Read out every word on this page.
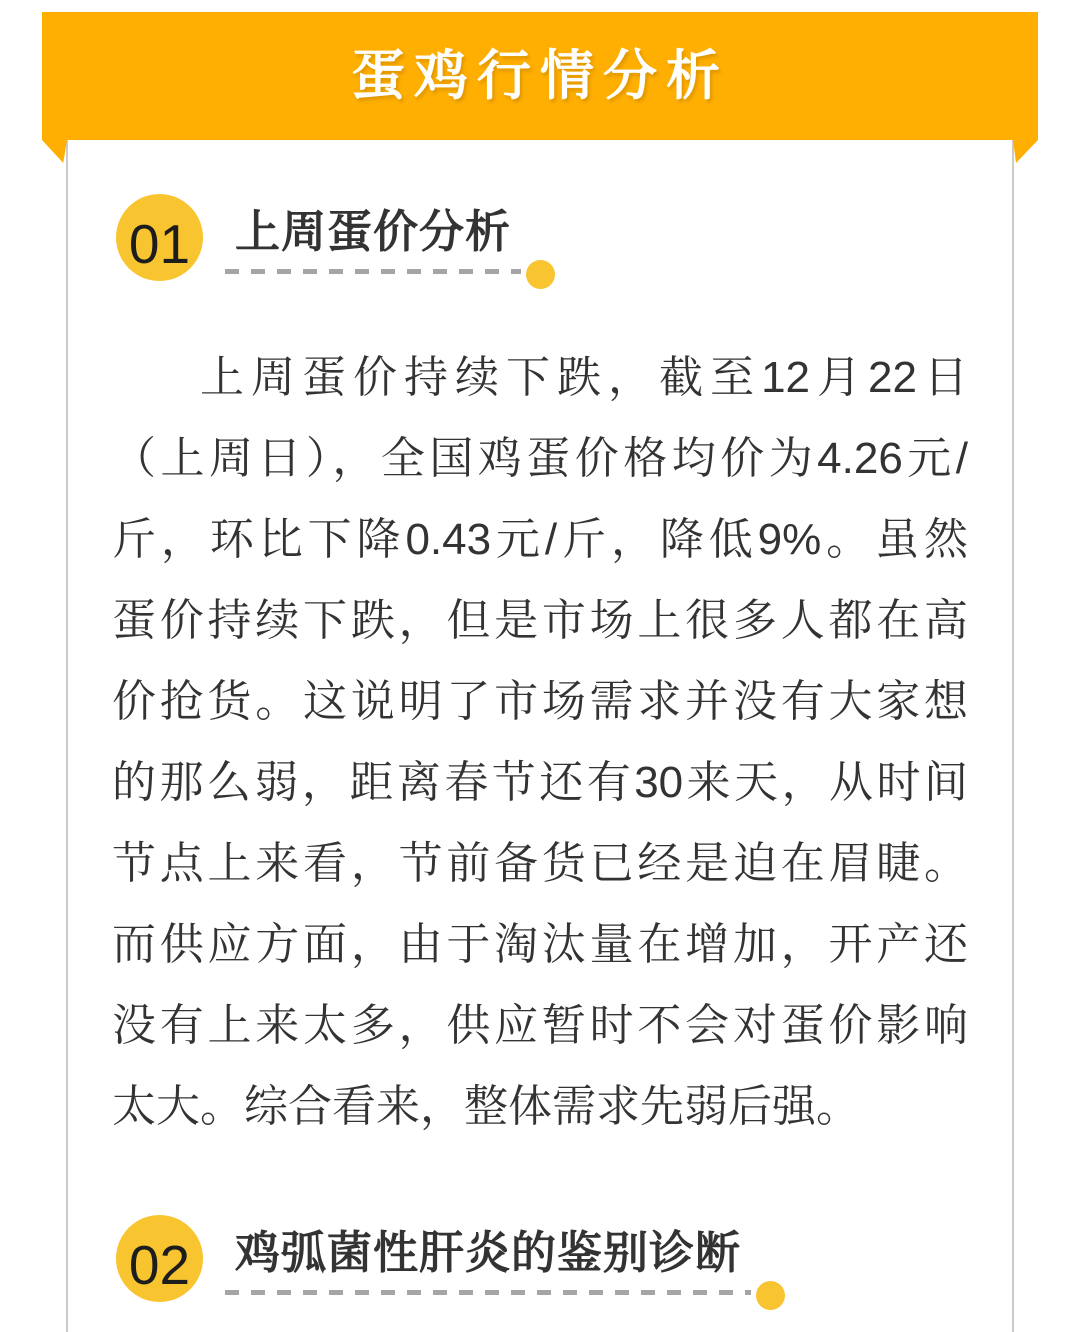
蛋鸡行情分析
01 上周蛋价分析
上周蛋价持续下跌，截至12月22日
（上周日），全国鸡蛋价格均价为4.26元/
斤，环比下降0.43元/斤，降低9%。虽然
蛋价持续下跌，但是市场上很多人都在高
价抢货。这说明了市场需求并没有大家想
的那么弱，距离春节还有30来天，从时间
节点上来看，节前备货已经是迫在眉睫。
而供应方面，由于淘汰量在增加，开产还
没有上来太多，供应暂时不会对蛋价影响
太大。综合看来，整体需求先弱后强。
02 鸡弧菌性肝炎的鉴别诊断
